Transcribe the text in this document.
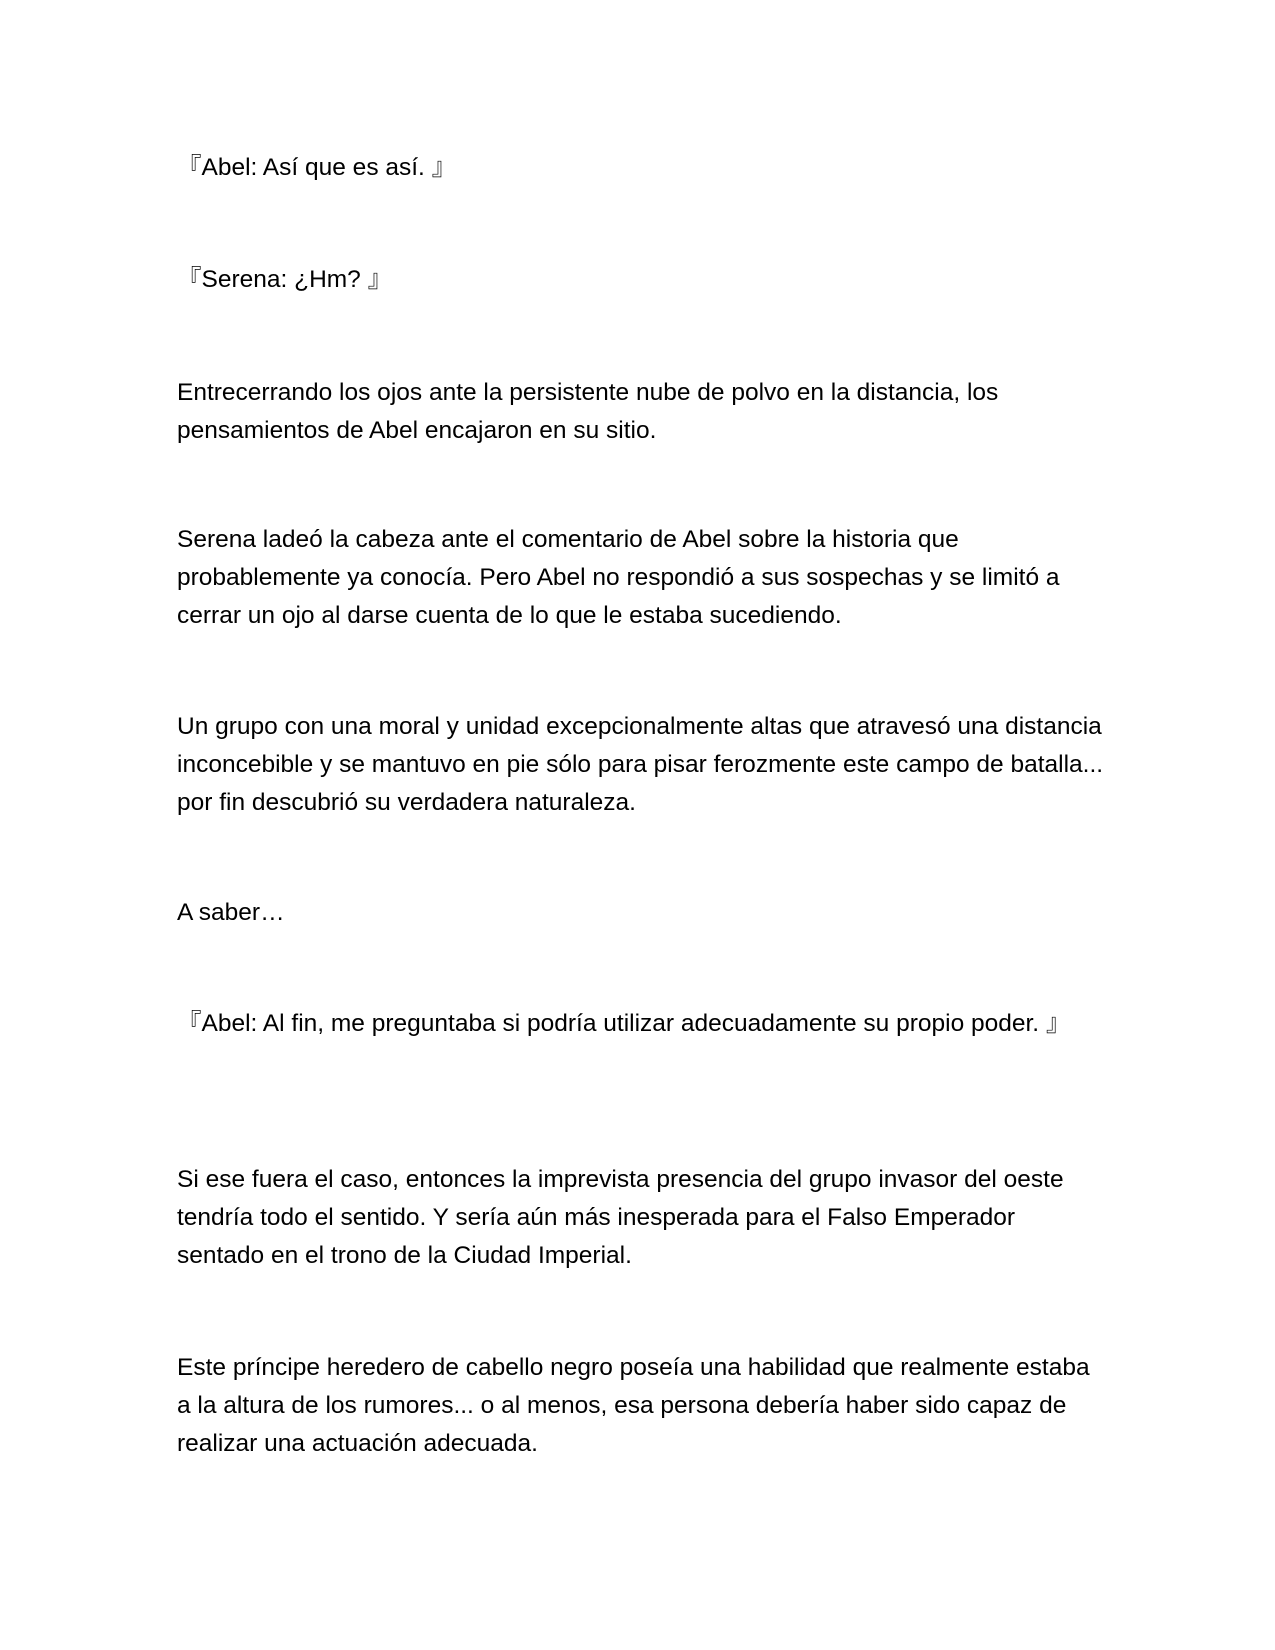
『Abel: Así que es así. 』

『Serena: ¿Hm? 』

Entrecerrando los ojos ante la persistente nube de polvo en la distancia, los pensamientos de Abel encajaron en su sitio.

Serena ladeó la cabeza ante el comentario de Abel sobre la historia que probablemente ya conocía. Pero Abel no respondió a sus sospechas y se limitó a cerrar un ojo al darse cuenta de lo que le estaba sucediendo.

Un grupo con una moral y unidad excepcionalmente altas que atravesó una distancia inconcebible y se mantuvo en pie sólo para pisar ferozmente este campo de batalla... por fin descubrió su verdadera naturaleza.

A saber…

『Abel: Al fin, me preguntaba si podría utilizar adecuadamente su propio poder. 』

Si ese fuera el caso, entonces la imprevista presencia del grupo invasor del oeste tendría todo el sentido. Y sería aún más inesperada para el Falso Emperador sentado en el trono de la Ciudad Imperial.

Este príncipe heredero de cabello negro poseía una habilidad que realmente estaba a la altura de los rumores... o al menos, esa persona debería haber sido capaz de realizar una actuación adecuada.
